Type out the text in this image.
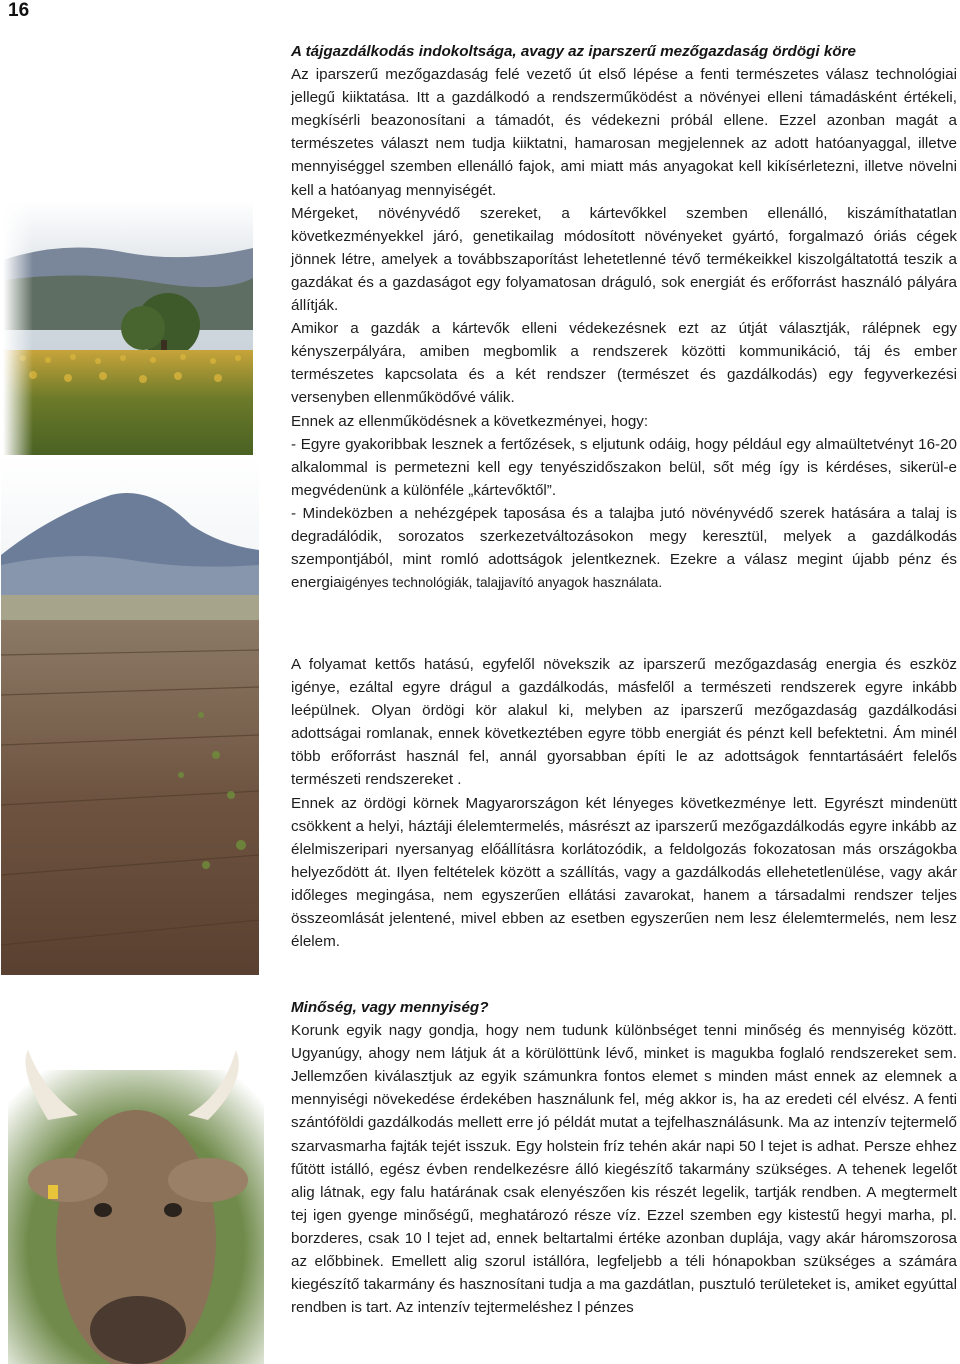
16

A tájgazdálkodás indokoltsága, avagy az iparszerű mezőgazdaság ördögi köre

Az iparszerű mezőgazdaság felé vezető út első lépése a fenti természetes válasz technológiai jellegű kiiktatása. Itt a gazdálkodó a rendszerműködést a növényei elleni támadásként értékeli, megkísérli beazonosítani a támadót, és védekezni próbál ellene. Ezzel azonban magát a természetes választ nem tudja kiiktatni, hamarosan megjelennek az adott hatóanyaggal, illetve mennyiséggel szemben ellenálló fajok, ami miatt más anyagokat kell kikísérletezni, illetve növelni kell a hatóanyag mennyiségét.

Mérgeket, növényvédő szereket, a kártevőkkel szemben ellenálló, kiszámíthatatlan következményekkel járó, genetikailag módosított növényeket gyártó, forgalmazó óriás cégek jönnek létre, amelyek a továbbszaporítást lehetetlenné tévő termékeikkel kiszolgáltatottá teszik a gazdákat és a gazdaságot egy folyamatosan dráguló, sok energiát és erőforrást használó pályára állítják.

Amikor a gazdák a kártevők elleni védekezésnek ezt az útját választják, rálépnek egy kényszerpályára, amiben megbomlik a rendszerek közötti kommunikáció, táj és ember természetes kapcsolata és a két rendszer (természet és gazdálkodás) egy fegyverkezési versenyben ellenműködővé válik.

Ennek az ellenműködésnek a következményei, hogy:

- Egyre gyakoribbak lesznek a fertőzések, s eljutunk odáig, hogy például egy almaültetvényt 16-20 alkalommal is permetezni kell egy tenyészidőszakon belül, sőt még így is kérdéses, sikerül-e megvédenünk a különféle „kártevőktől”.

- Mindeközben a nehézgépek taposása és a talajba jutó növényvédő szerek hatására a talaj is degradálódik, sorozatos szerkezetváltozásokon megy keresztül, melyek a gazdálkodás szempontjából, mint romló adottságok jelentkeznek. Ezekre a válasz megint újabb pénz és energiaigényes technológiák, talajjavító anyagok használata.

A folyamat kettős hatású, egyfelől növekszik az iparszerű mezőgazdaság energia és eszköz igénye, ezáltal egyre drágul a gazdálkodás, másfelől a természeti rendszerek egyre inkább leépülnek. Olyan ördögi kör alakul ki, melyben az iparszerű mezőgazdaság gazdálkodási adottságai romlanak, ennek következtében egyre több energiát és pénzt kell befektetni. Ám minél több erőforrást használ fel, annál gyorsabban építi le az adottságok fenntartásáért felelős természeti rendszereket .

Ennek az ördögi körnek Magyarországon két lényeges következménye lett. Egyrészt mindenütt csökkent a helyi, háztáji élelemtermelés, másrészt az iparszerű mezőgazdálkodás egyre inkább az élelmiszeripari nyersanyag előállításra korlátozódik, a feldolgozás fokozatosan más országokba helyeződött át. Ilyen feltételek között a szállítás, vagy a gazdálkodás ellehetetlenülése, vagy akár időleges megingása, nem egyszerűen ellátási zavarokat, hanem a társadalmi rendszer teljes összeomlását jelentené, mivel ebben az esetben egyszerűen nem lesz élelemtermelés, nem lesz élelem.

Minőség, vagy mennyiség?

Korunk egyik nagy gondja, hogy nem tudunk különbséget tenni minőség és mennyiség között. Ugyanúgy, ahogy nem látjuk át a körülöttünk lévő, minket is magukba foglaló rendszereket sem. Jellemzően kiválasztjuk az egyik számunkra fontos elemet s minden mást ennek az elemnek a mennyiségi növekedése érdekében használunk fel, még akkor is, ha az eredeti cél elvész. A fenti szántóföldi gazdálkodás mellett erre jó példát mutat a tejfelhasználásunk. Ma az intenzív tejtermelő szarvasmarha fajták tejét isszuk. Egy holstein fríz tehén akár napi 50 l tejet is adhat. Persze ehhez fűtött istálló, egész évben rendelkezésre álló kiegészítő takarmány szükséges. A tehenek legelőt alig látnak, egy falu határának csak elenyészően kis részét legelik, tartják rendben. A megtermelt tej igen gyenge minőségű, meghatározó része víz. Ezzel szemben egy kistestű hegyi marha, pl. borzderes, csak 10 l tejet ad, ennek beltartalmi értéke azonban duplája, vagy akár háromszorosa az előbbinek. Emellett alig szorul istállóra, legfeljebb a téli hónapokban szükséges a számára kiegészítő takarmány és hasznosítani tudja a ma gazdátlan, pusztuló területeket is, amiket egyúttal rendben is tart. Az intenzív tejtermeléshez l pénzes
